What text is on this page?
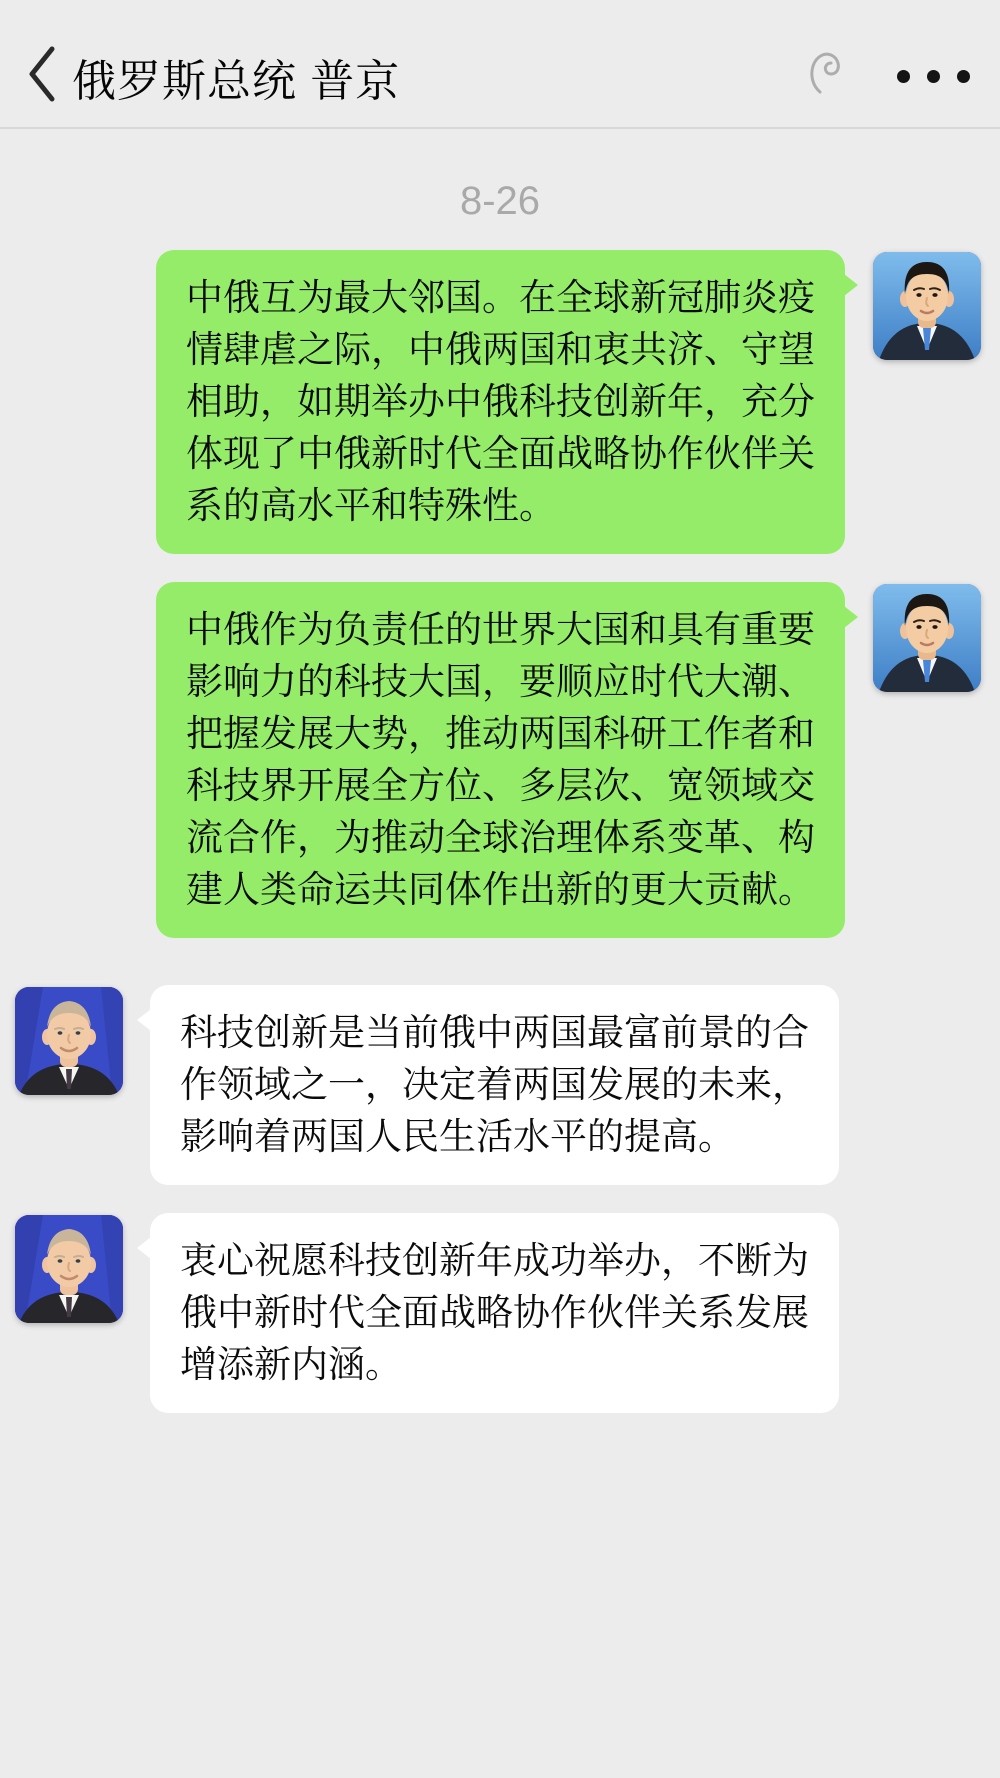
俄罗斯总统 普京
8-26
中俄互为最大邻国。在全球新冠肺炎疫
情肆虐之际，中俄两国和衷共济、守望
相助，如期举办中俄科技创新年，充分
体现了中俄新时代全面战略协作伙伴关
系的高水平和特殊性。
中俄作为负责任的世界大国和具有重要
影响力的科技大国，要顺应时代大潮、
把握发展大势，推动两国科研工作者和
科技界开展全方位、多层次、宽领域交
流合作，为推动全球治理体系变革、构
建人类命运共同体作出新的更大贡献。
科技创新是当前俄中两国最富前景的合
作领域之一，决定着两国发展的未来，
影响着两国人民生活水平的提高。
衷心祝愿科技创新年成功举办，不断为
俄中新时代全面战略协作伙伴关系发展
增添新内涵。
